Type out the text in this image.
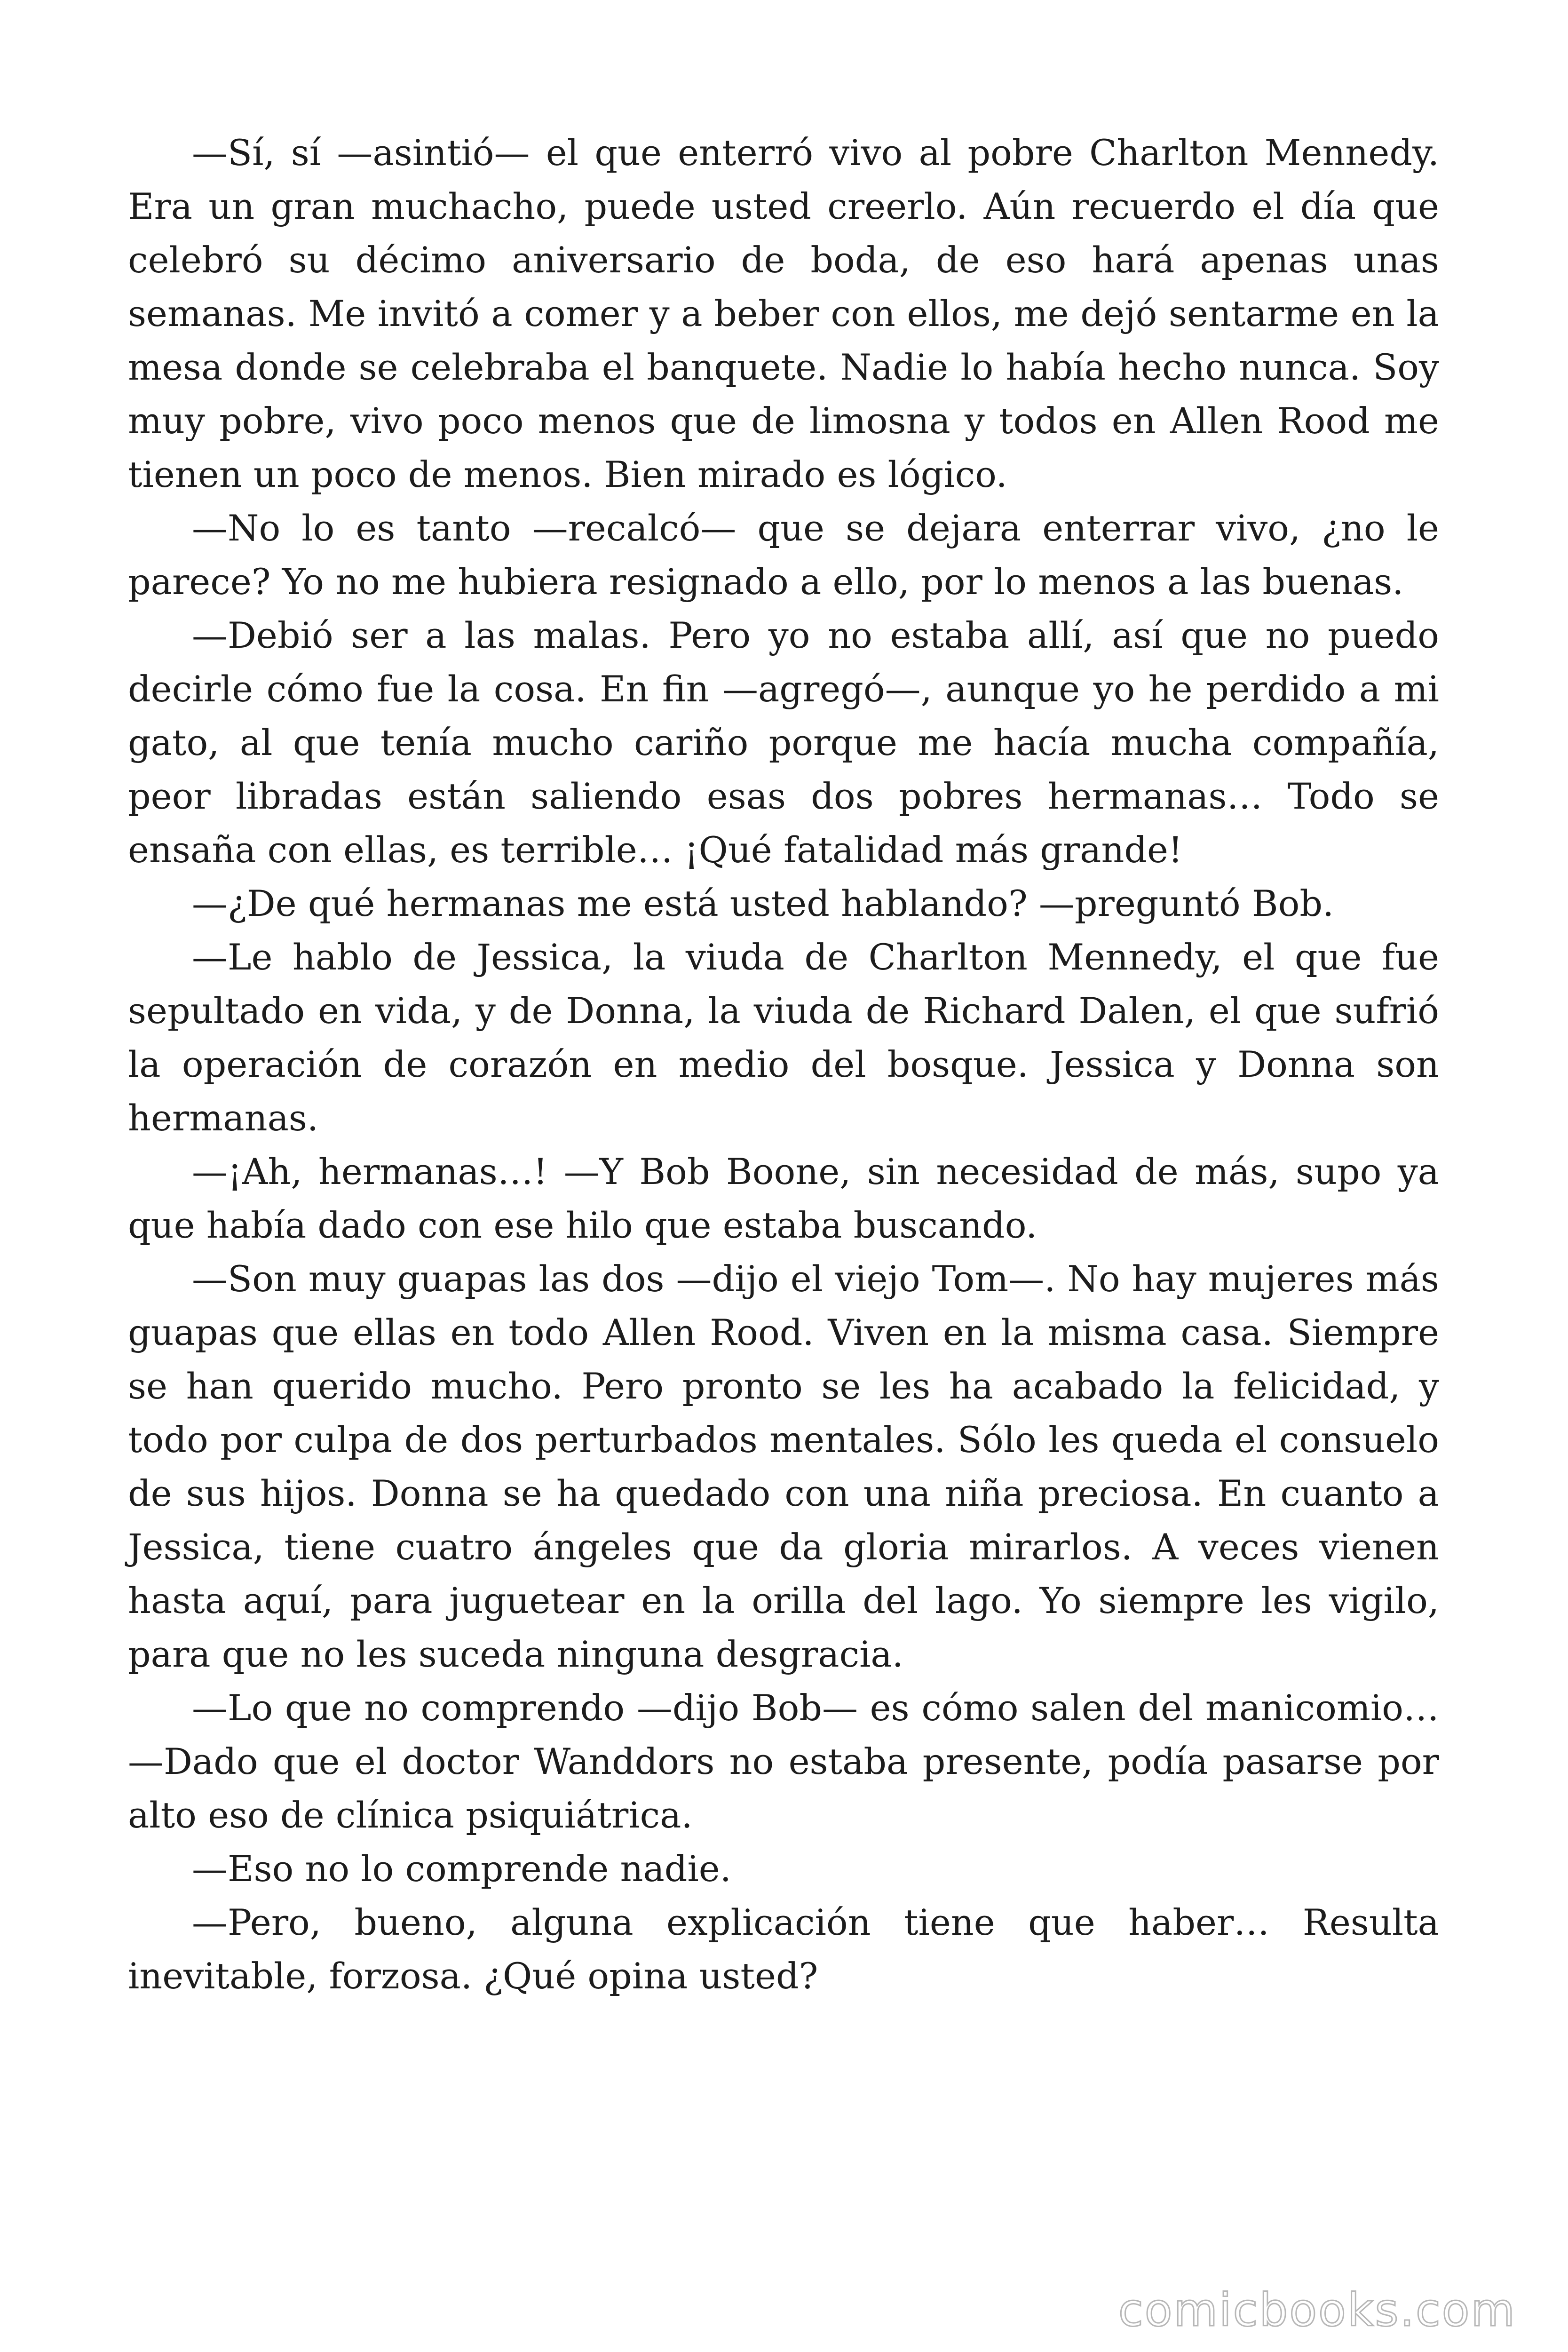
—Sí, sí —asintió— el que enterró vivo al pobre Charlton Mennedy. Era un gran muchacho, puede usted creerlo. Aún recuerdo el día que celebró su décimo aniversario de boda, de eso hará apenas unas semanas. Me invitó a comer y a beber con ellos, me dejó sentarme en la mesa donde se celebraba el banquete. Nadie lo había hecho nunca. Soy muy pobre, vivo poco menos que de limosna y todos en Allen Rood me tienen un poco de menos. Bien mirado es lógico.

—No lo es tanto —recalcó— que se dejara enterrar vivo, ¿no le parece? Yo no me hubiera resignado a ello, por lo menos a las buenas.

—Debió ser a las malas. Pero yo no estaba allí, así que no puedo decirle cómo fue la cosa. En fin —agregó—, aunque yo he perdido a mi gato, al que tenía mucho cariño porque me hacía mucha compañía, peor libradas están saliendo esas dos pobres hermanas… Todo se ensaña con ellas, es terrible… ¡Qué fatalidad más grande!

—¿De qué hermanas me está usted hablando? —preguntó Bob.

—Le hablo de Jessica, la viuda de Charlton Mennedy, el que fue sepultado en vida, y de Donna, la viuda de Richard Dalen, el que sufrió la operación de corazón en medio del bosque. Jessica y Donna son hermanas.

—¡Ah, hermanas…! —Y Bob Boone, sin necesidad de más, supo ya que había dado con ese hilo que estaba buscando.

—Son muy guapas las dos —dijo el viejo Tom—. No hay mujeres más guapas que ellas en todo Allen Rood. Viven en la misma casa. Siempre se han querido mucho. Pero pronto se les ha acabado la felicidad, y todo por culpa de dos perturbados mentales. Sólo les queda el consuelo de sus hijos. Donna se ha quedado con una niña preciosa. En cuanto a Jessica, tiene cuatro ángeles que da gloria mirarlos. A veces vienen hasta aquí, para juguetear en la orilla del lago. Yo siempre les vigilo, para que no les suceda ninguna desgracia.

—Lo que no comprendo —dijo Bob— es cómo salen del manicomio… —Dado que el doctor Wanddors no estaba presente, podía pasarse por alto eso de clínica psiquiátrica.

—Eso no lo comprende nadie.

—Pero, bueno, alguna explicación tiene que haber… Resulta inevitable, forzosa. ¿Qué opina usted?

comicbooks.com
